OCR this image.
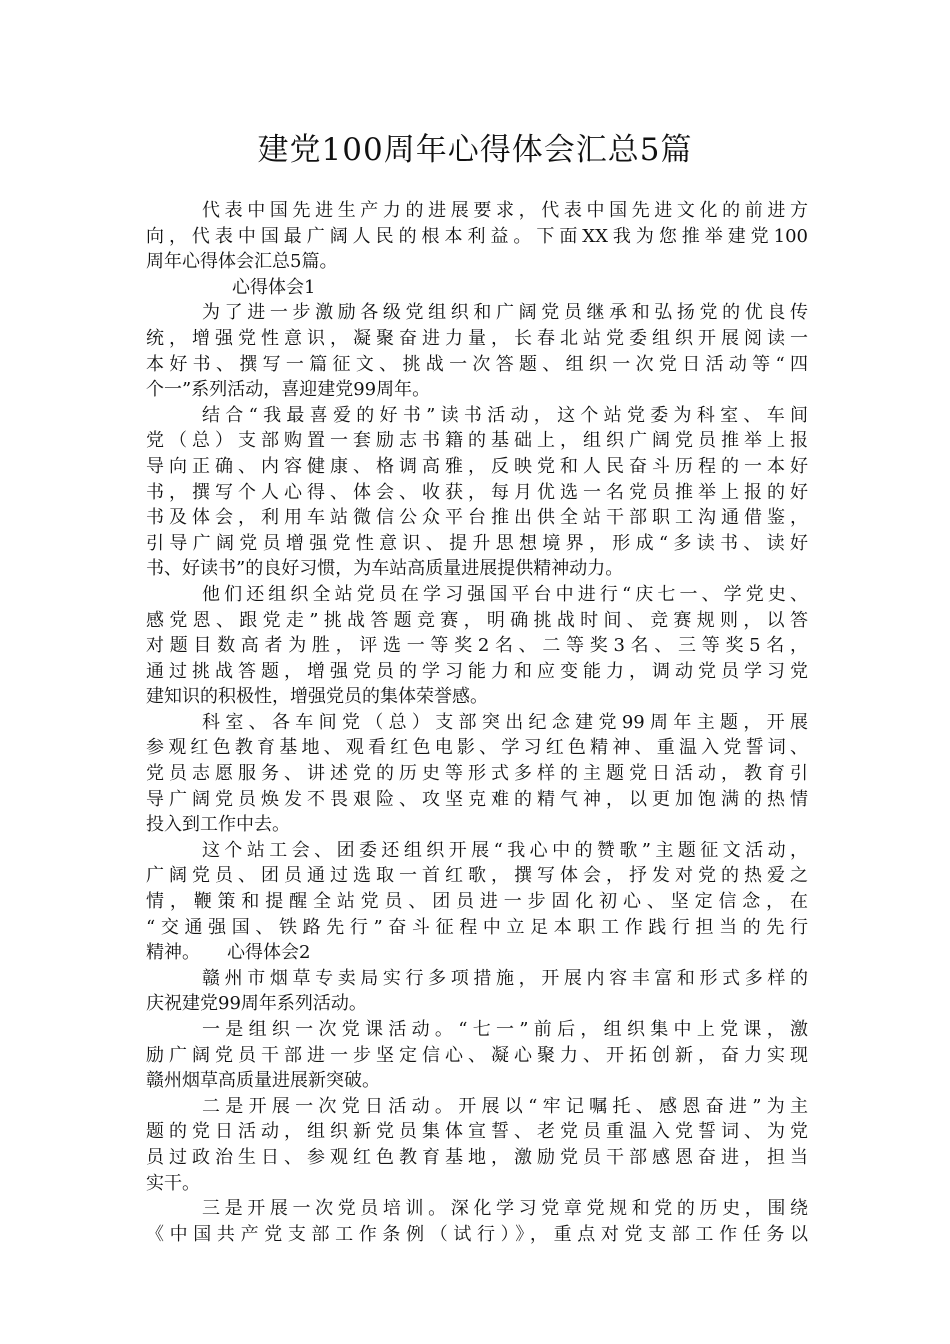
建党100周年心得体会汇总5篇
代表中国先进生产力的进展要求，代表中国先进文化的前进方
向，代表中国最广阔人民的根本利益。下面XX我为您推举建党100
周年心得体会汇总5篇。
心得体会1
为了进一步激励各级党组织和广阔党员继承和弘扬党的优良传
统，增强党性意识，凝聚奋进力量，长春北站党委组织开展阅读一
本好书、撰写一篇征文、挑战一次答题、组织一次党日活动等“四
个一”系列活动，喜迎建党99周年。
结合“我最喜爱的好书”读书活动，这个站党委为科室、车间
党（总）支部购置一套励志书籍的基础上，组织广阔党员推举上报
导向正确、内容健康、格调高雅，反映党和人民奋斗历程的一本好
书，撰写个人心得、体会、收获，每月优选一名党员推举上报的好
书及体会，利用车站微信公众平台推出供全站干部职工沟通借鉴，
引导广阔党员增强党性意识、提升思想境界，形成“多读书、读好
书、好读书”的良好习惯，为车站高质量进展提供精神动力。
他们还组织全站党员在学习强国平台中进行“庆七一、学党史、
感党恩、跟党走”挑战答题竞赛，明确挑战时间、竞赛规则，以答
对题目数高者为胜，评选一等奖2名、二等奖3名、三等奖5名，
通过挑战答题，增强党员的学习能力和应变能力，调动党员学习党
建知识的积极性，增强党员的集体荣誉感。
科室、各车间党（总）支部突出纪念建党99周年主题，开展
参观红色教育基地、观看红色电影、学习红色精神、重温入党誓词、
党员志愿服务、讲述党的历史等形式多样的主题党日活动，教育引
导广阔党员焕发不畏艰险、攻坚克难的精气神，以更加饱满的热情
投入到工作中去。
这个站工会、团委还组织开展“我心中的赞歌”主题征文活动，
广阔党员、团员通过选取一首红歌，撰写体会，抒发对党的热爱之
情，鞭策和提醒全站党员、团员进一步固化初心、坚定信念，在
“交通强国、铁路先行”奋斗征程中立足本职工作践行担当的先行
精神。　　心得体会2
赣州市烟草专卖局实行多项措施，开展内容丰富和形式多样的
庆祝建党99周年系列活动。
一是组织一次党课活动。“七一”前后，组织集中上党课，激
励广阔党员干部进一步坚定信心、凝心聚力、开拓创新，奋力实现
赣州烟草高质量进展新突破。
二是开展一次党日活动。开展以“牢记嘱托、感恩奋进”为主
题的党日活动，组织新党员集体宣誓、老党员重温入党誓词、为党
员过政治生日、参观红色教育基地，激励党员干部感恩奋进，担当
实干。
三是开展一次党员培训。深化学习党章党规和党的历史，围绕
《中国共产党支部工作条例（试行）》，重点对党支部工作任务以
